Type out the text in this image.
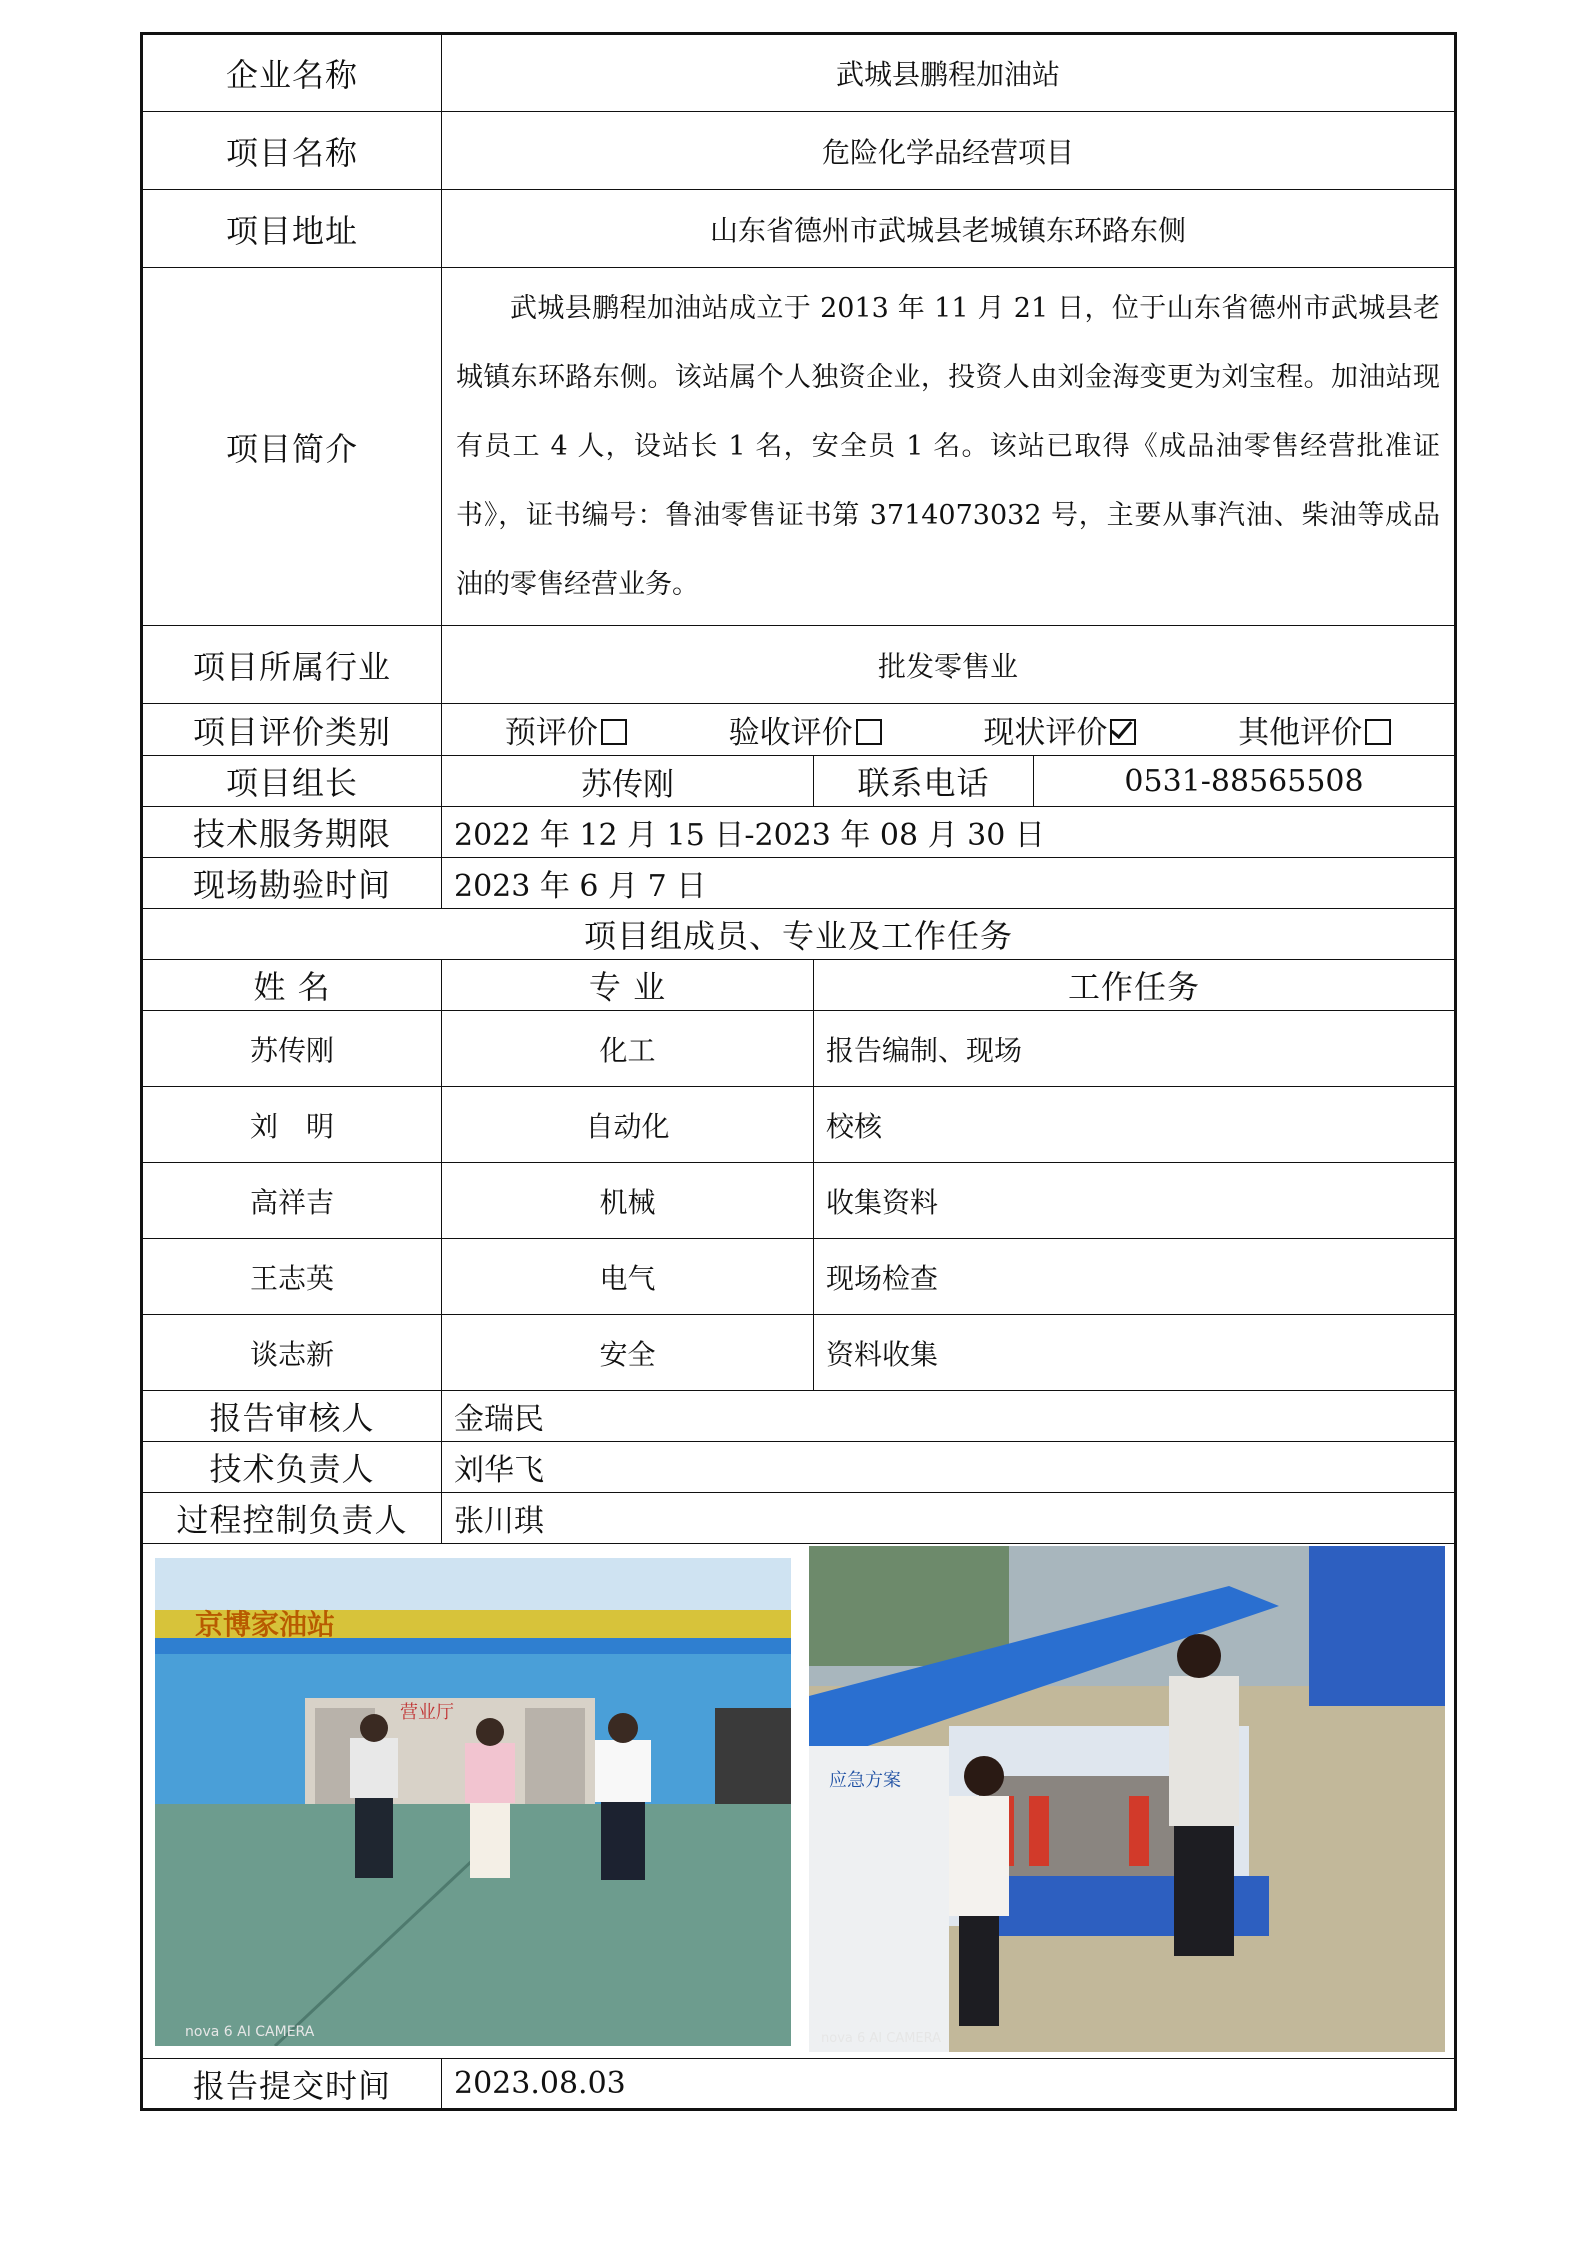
企业名称	武城县鹏程加油站		
项目名称	危险化学品经营项目		
项目地址	山东省德州市武城县老城镇东环路东侧		
项目简介	武城县鹏程加油站成立于 2013 年 11 月 21 日，位于山东省德州市武城县老城镇东环路东侧。该站属个人独资企业，投资人由刘金海变更为刘宝程。加油站现有员工 4 人，设站长 1 名，安全员 1 名。该站已取得《成品油零售经营批准证书》，证书编号：鲁油零售证书第 3714073032 号，主要从事汽油、柴油等成品油的零售经营业务。		
项目所属行业	批发零售业		
项目评价类别	预评价 验收评价 现状评价 其他评价		

项目组长	苏传刚	联系电话	0531-88565508
技术服务期限	2022 年 12 月 15 日-2023 年 08 月 30 日		
现场勘验时间	2023 年 6 月 7 日		
项目组成员、专业及工作任务			
姓 名	专 业	工作任务	
苏传刚	化工	报告编制、现场	
刘　明	自动化	校核	
高祥吉	机械	收集资料	
王志英	电气	现场检查	
谈志新	安全	资料收集	
报告审核人	金瑞民		
技术负责人	刘华飞		
过程控制负责人	张川琪		

京博家油站
营业厅
nova 6 AI CAMERA
应急方案
nova 6 AI CAMERA			

报告提交时间	2023.08.03		
